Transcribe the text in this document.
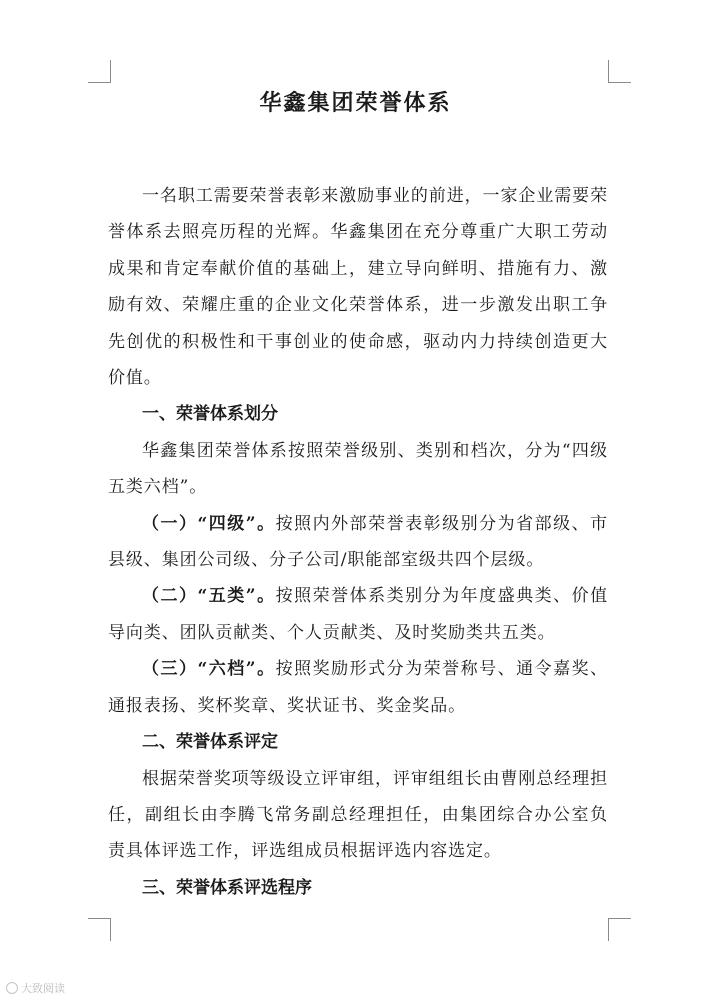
华鑫集团荣誉体系

一名职工需要荣誉表彰来激励事业的前进，一家企业需要荣誉体系去照亮历程的光辉。华鑫集团在充分尊重广大职工劳动成果和肯定奉献价值的基础上，建立导向鲜明、措施有力、激励有效、荣耀庄重的企业文化荣誉体系，进一步激发出职工争先创优的积极性和干事创业的使命感，驱动内力持续创造更大价值。

一、荣誉体系划分

华鑫集团荣誉体系按照荣誉级别、类别和档次，分为“四级五类六档”。

（一）“四级”。按照内外部荣誉表彰级别分为省部级、市县级、集团公司级、分子公司/职能部室级共四个层级。

（二）“五类”。按照荣誉体系类别分为年度盛典类、价值导向类、团队贡献类、个人贡献类、及时奖励类共五类。

（三）“六档”。按照奖励形式分为荣誉称号、通令嘉奖、通报表扬、奖杯奖章、奖状证书、奖金奖品。

二、荣誉体系评定

根据荣誉奖项等级设立评审组，评审组组长由曹刚总经理担任，副组长由李腾飞常务副总经理担任，由集团综合办公室负责具体评选工作，评选组成员根据评选内容选定。

三、荣誉体系评选程序

大致阅读
